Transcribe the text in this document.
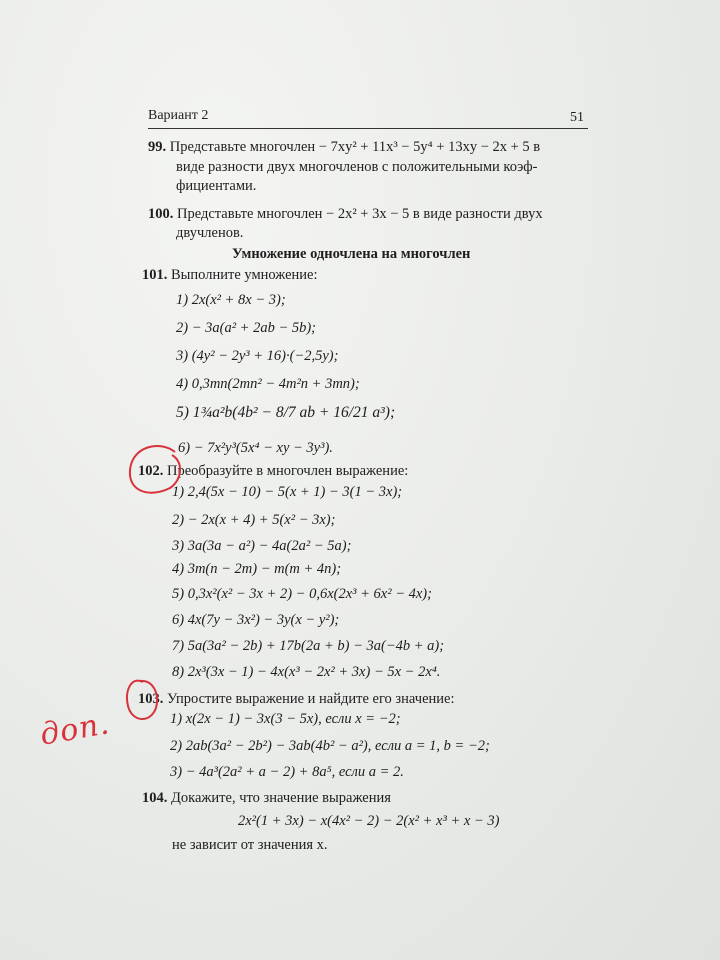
Вариант 2	51
99. Представьте многочлен − 7xy² + 11x³ − 5y⁴ + 13xy − 2x + 5 в
виде разности двух многочленов с положительными коэф-
фициентами.
100. Представьте многочлен − 2x² + 3x − 5 в виде разности двух
двучленов.
Умножение одночлена на многочлен
101. Выполните умножение:
1) 2x(x² + 8x − 3);
2) − 3a(a² + 2ab − 5b);
3) (4y² − 2y³ + 16)·(−2,5y);
4) 0,3mn(2mn² − 4m²n + 3mn);
5) 1¾a²b(4b² − 8/7 ab + 16/21 a³);
6) − 7x²y³(5x⁴ − xy − 3y³).
102. Преобразуйте в многочлен выражение:
1) 2,4(5x − 10) − 5(x + 1) − 3(1 − 3x);
2) − 2x(x + 4) + 5(x² − 3x);
3) 3a(3a − a²) − 4a(2a² − 5a);
4) 3m(n − 2m) − m(m + 4n);
5) 0,3x²(x² − 3x + 2) − 0,6x(2x³ + 6x² − 4x);
6) 4x(7y − 3x²) − 3y(x − y²);
7) 5a(3a² − 2b) + 17b(2a + b) − 3a(−4b + a);
8) 2x³(3x − 1) − 4x(x³ − 2x² + 3x) − 5x − 2x⁴.
103. Упростите выражение и найдите его значение:
1) x(2x − 1) − 3x(3 − 5x), если x = −2;
2) 2ab(3a² − 2b²) − 3ab(4b² − a²), если a = 1, b = −2;
3) − 4a³(2a² + a − 2) + 8a⁵, если a = 2.
104. Докажите, что значение выражения
2x²(1 + 3x) − x(4x² − 2) − 2(x² + x³ + x − 3)
не зависит от значения x.
доп.
